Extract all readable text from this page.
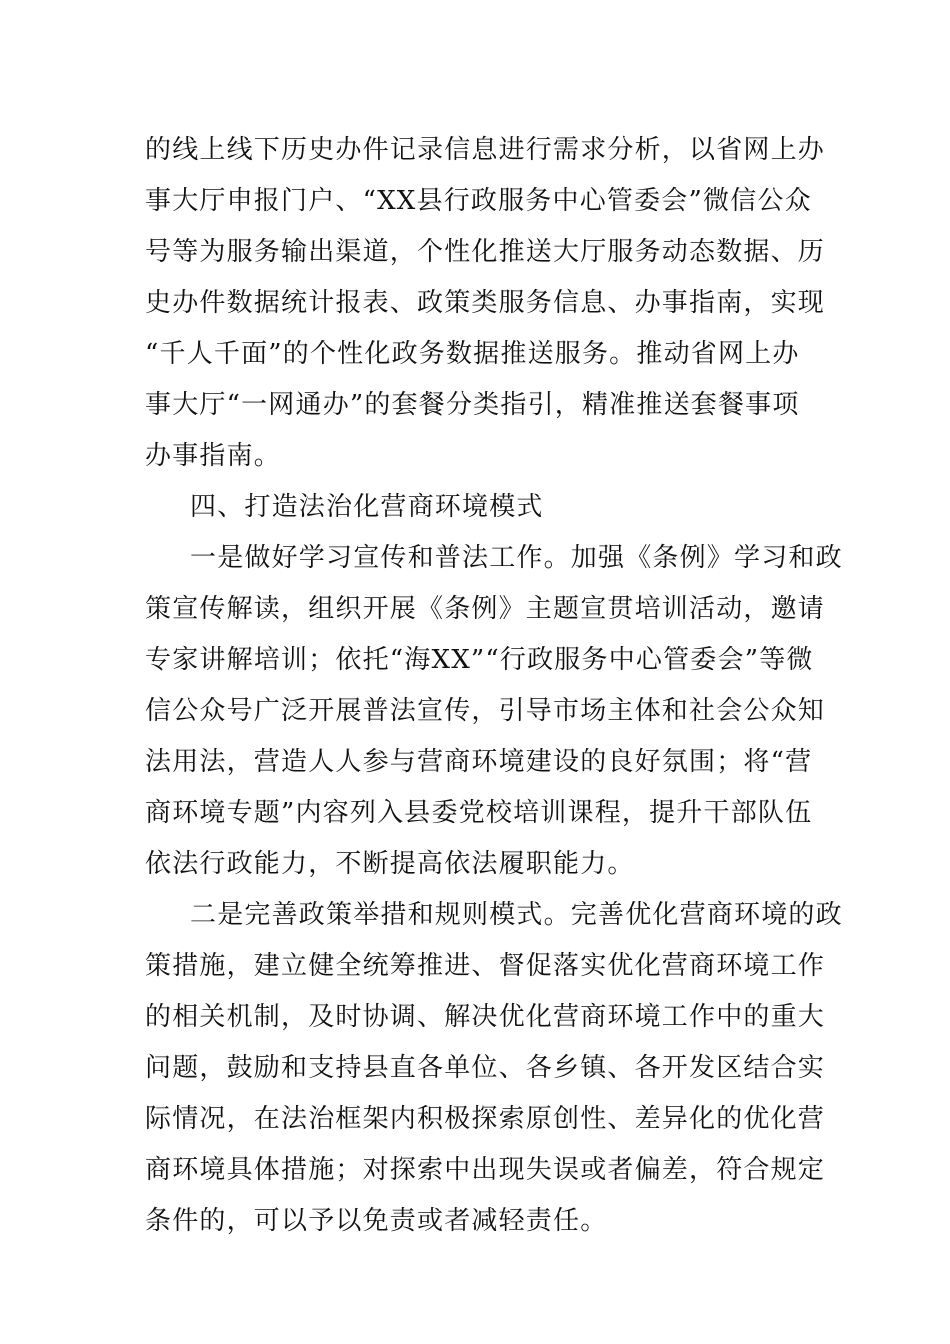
的线上线下历史办件记录信息进行需求分析，以省网上办
事大厅申报门户、“XX县行政服务中心管委会”微信公众
号等为服务输出渠道，个性化推送大厅服务动态数据、历
史办件数据统计报表、政策类服务信息、办事指南，实现
“千人千面”的个性化政务数据推送服务。推动省网上办
事大厅“一网通办”的套餐分类指引，精准推送套餐事项
办事指南。
四、打造法治化营商环境模式
一是做好学习宣传和普法工作。加强《条例》学习和政
策宣传解读，组织开展《条例》主题宣贯培训活动，邀请
专家讲解培训；依托“海XX”“行政服务中心管委会”等微
信公众号广泛开展普法宣传，引导市场主体和社会公众知
法用法，营造人人参与营商环境建设的良好氛围；将“营
商环境专题”内容列入县委党校培训课程，提升干部队伍
依法行政能力，不断提高依法履职能力。
二是完善政策举措和规则模式。完善优化营商环境的政
策措施，建立健全统筹推进、督促落实优化营商环境工作
的相关机制，及时协调、解决优化营商环境工作中的重大
问题，鼓励和支持县直各单位、各乡镇、各开发区结合实
际情况，在法治框架内积极探索原创性、差异化的优化营
商环境具体措施；对探索中出现失误或者偏差，符合规定
条件的，可以予以免责或者减轻责任。
